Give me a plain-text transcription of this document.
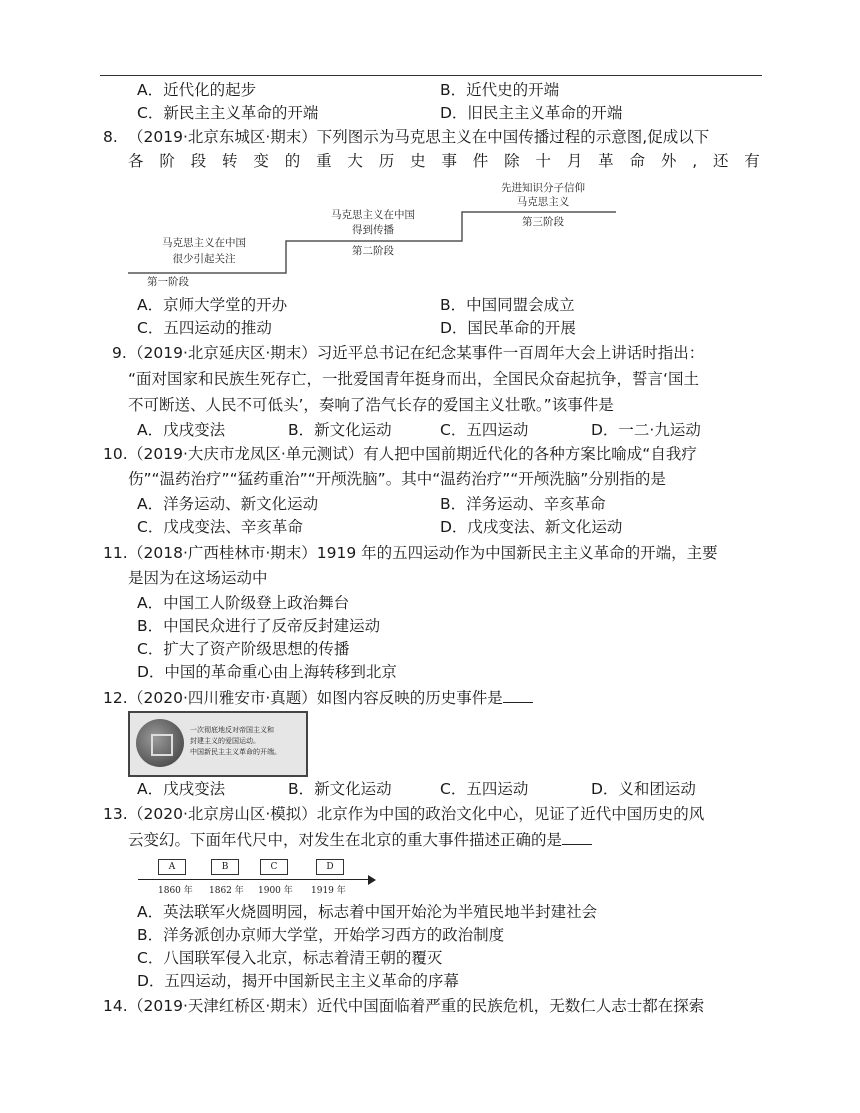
A．近代化的起步	B．近代史的开端
C．新民主主义革命的开端	D．旧民主主义革命的开端
8. （2019·北京东城区·期末）下列图示为马克思主义在中国传播过程的示意图,促成以下
各 阶 段 转 变 的 重 大 历 史 事 件 除 十 月 革 命 外 , 还 有
马克思主义在中国
很少引起关注
第一阶段
马克思主义在中国
得到传播
第二阶段
先进知识分子信仰
马克思主义
第三阶段
A．京师大学堂的开办	B．中国同盟会成立
C．五四运动的推动	D．国民革命的开展
9.（2019·北京延庆区·期末）习近平总书记在纪念某事件一百周年大会上讲话时指出：
“面对国家和民族生死存亡，一批爱国青年挺身而出，全国民众奋起抗争，誓言‘国土
不可断送、人民不可低头’，奏响了浩气长存的爱国主义壮歌。”该事件是
A．戊戌变法	B．新文化运动	C．五四运动	D．一二·九运动
10.（2019·大庆市龙凤区·单元测试）有人把中国前期近代化的各种方案比喻成“自我疗
伤”“温药治疗”“猛药重治”“开颅洗脑”。其中“温药治疗”“开颅洗脑”分别指的是
A．洋务运动、新文化运动	B．洋务运动、辛亥革命
C．戊戌变法、辛亥革命	D．戊戌变法、新文化运动
11.（2018·广西桂林市·期末）1919 年的五四运动作为中国新民主主义革命的开端，主要
是因为在这场运动中
A．中国工人阶级登上政治舞台
B．中国民众进行了反帝反封建运动
C．扩大了资产阶级思想的传播
D．中国的革命重心由上海转移到北京
12.（2020·四川雅安市·真题）如图内容反映的历史事件是
一次彻底地反对帝国主义和
封建主义的爱国运动。
中国新民主主义革命的开端。
A．戊戌变法	B．新文化运动	C．五四运动	D．义和团运动
13.（2020·北京房山区·模拟）北京作为中国的政治文化中心，见证了近代中国历史的风
云变幻。下面年代尺中，对发生在北京的重大事件描述正确的是
A	B	C	D
1860 年 1862 年 1900 年 1919 年
A．英法联军火烧圆明园，标志着中国开始沦为半殖民地半封建社会
B．洋务派创办京师大学堂，开始学习西方的政治制度
C．八国联军侵入北京，标志着清王朝的覆灭
D．五四运动，揭开中国新民主主义革命的序幕
14.（2019·天津红桥区·期末）近代中国面临着严重的民族危机，无数仁人志士都在探索
